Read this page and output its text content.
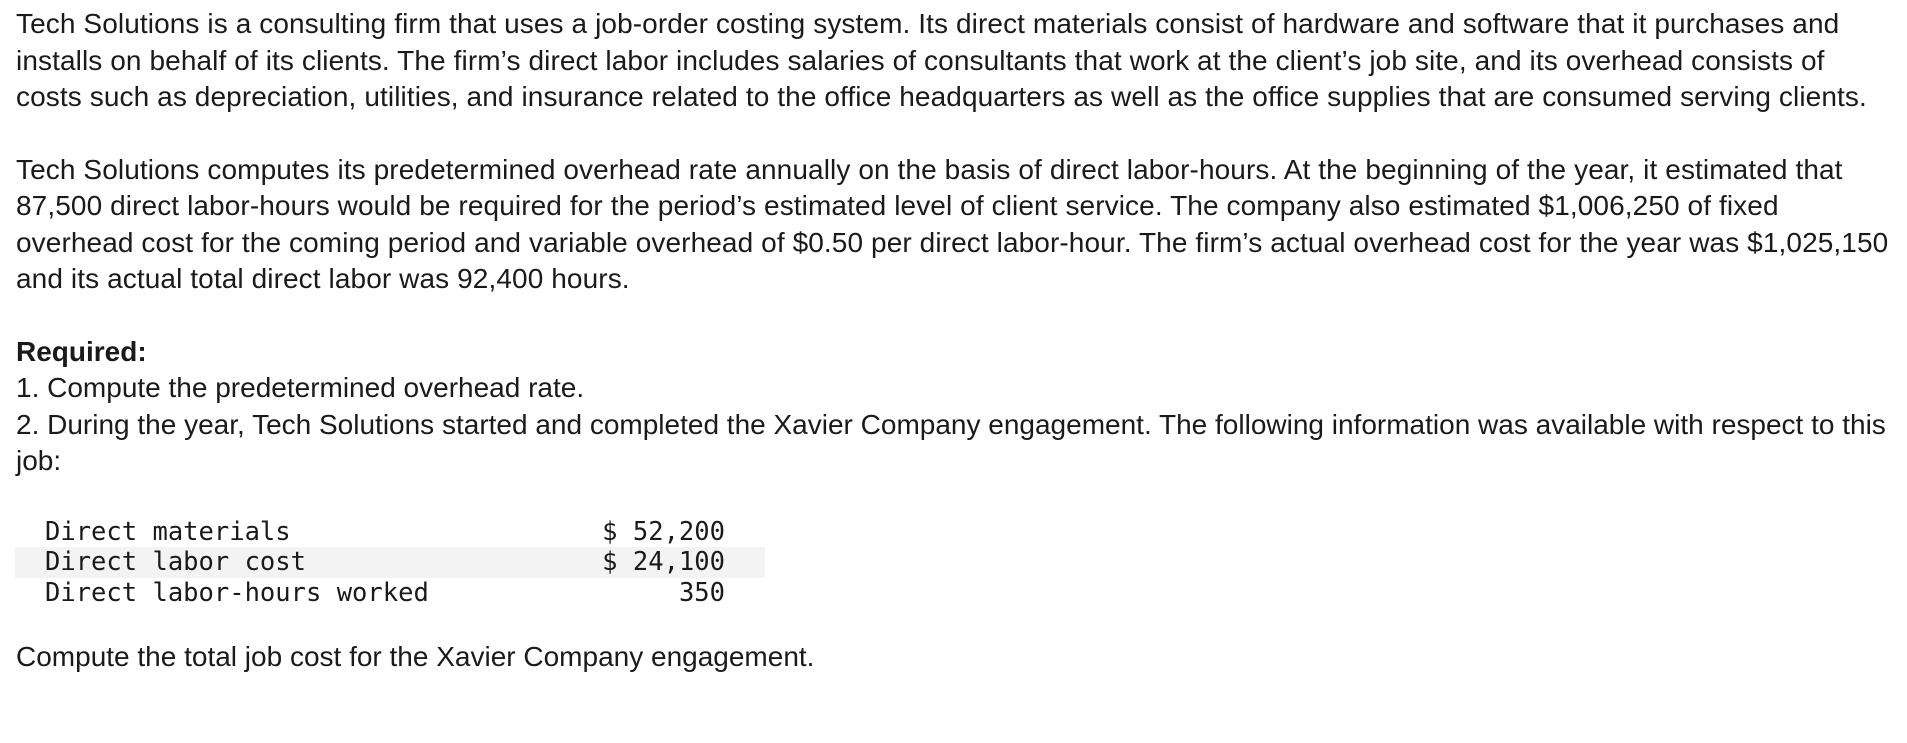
Tech Solutions is a consulting firm that uses a job-order costing system. Its direct materials consist of hardware and software that it purchases and installs on behalf of its clients. The firm’s direct labor includes salaries of consultants that work at the client’s job site, and its overhead consists of costs such as depreciation, utilities, and insurance related to the office headquarters as well as the office supplies that are consumed serving clients.

Tech Solutions computes its predetermined overhead rate annually on the basis of direct labor-hours. At the beginning of the year, it estimated that 87,500 direct labor-hours would be required for the period’s estimated level of client service. The company also estimated $1,006,250 of fixed overhead cost for the coming period and variable overhead of $0.50 per direct labor-hour. The firm’s actual overhead cost for the year was $1,025,150 and its actual total direct labor was 92,400 hours.

Required:

1. Compute the predetermined overhead rate.

2. During the year, Tech Solutions started and completed the Xavier Company engagement. The following information was available with respect to this job:

Direct materials	$ 52,200
Direct labor cost	$ 24,100
Direct labor-hours worked	350

Compute the total job cost for the Xavier Company engagement.
